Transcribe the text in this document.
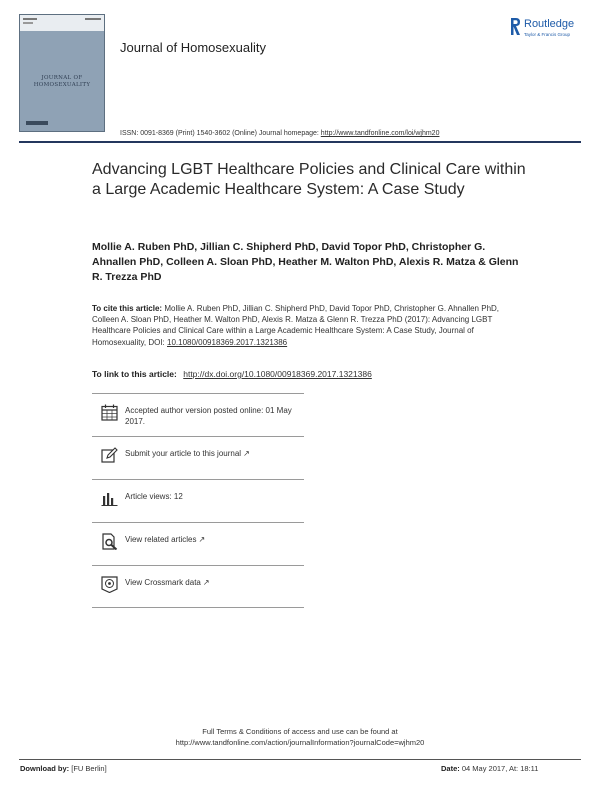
JOURNAL OF
HOMOSEXUALITY
Journal of Homosexuality
Routledge
Taylor & Francis Group
ISSN: 0091-8369 (Print) 1540-3602 (Online) Journal homepage: http://www.tandfonline.com/loi/wjhm20
Advancing LGBT Healthcare Policies and Clinical Care within a Large Academic Healthcare System: A Case Study
Mollie A. Ruben PhD, Jillian C. Shipherd PhD, David Topor PhD, Christopher G. Ahnallen PhD, Colleen A. Sloan PhD, Heather M. Walton PhD, Alexis R. Matza & Glenn R. Trezza PhD
To cite this article: Mollie A. Ruben PhD, Jillian C. Shipherd PhD, David Topor PhD, Christopher G. Ahnallen PhD, Colleen A. Sloan PhD, Heather M. Walton PhD, Alexis R. Matza & Glenn R. Trezza PhD (2017): Advancing LGBT Healthcare Policies and Clinical Care within a Large Academic Healthcare System: A Case Study, Journal of Homosexuality, DOI: 10.1080/00918369.2017.1321386
To link to this article: http://dx.doi.org/10.1080/00918369.2017.1321386
Accepted author version posted online: 01 May 2017.
Submit your article to this journal ↗
Article views: 12
View related articles ↗
View Crossmark data ↗
Full Terms & Conditions of access and use can be found at
http://www.tandfonline.com/action/journalInformation?journalCode=wjhm20
Download by: [FU Berlin]	Date: 04 May 2017, At: 18:11
